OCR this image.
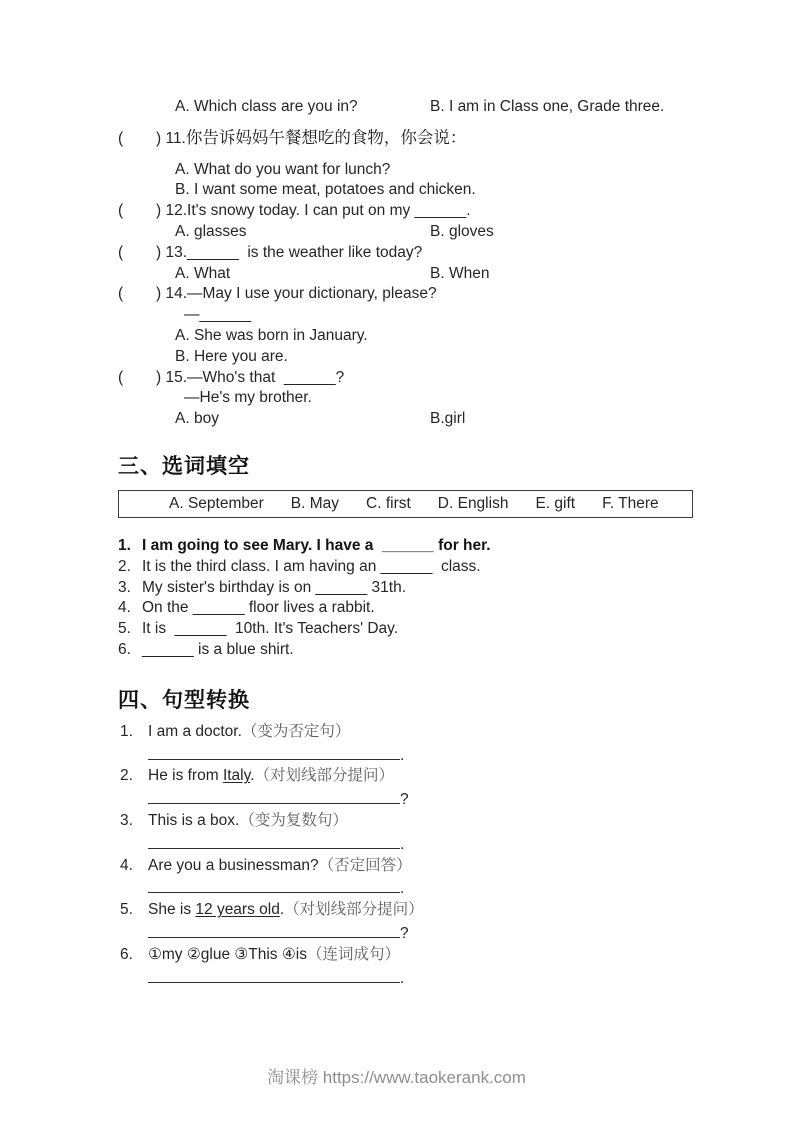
A. Which class are you in?	B. I am in Class one, Grade three.
( ) 11.你告诉妈妈午餐想吃的食物，你会说：
A. What do you want for lunch?
B. I want some meat, potatoes and chicken.
( ) 12.It's snowy today. I can put on my ______.
A. glasses	B. gloves
( ) 13.______  is the weather like today?
A. What	B. When
( ) 14.—May I use your dictionary, please?
—______
A. She was born in January.
B. Here you are.
( ) 15.—Who's that  ______?
—He's my brother.
A. boy	B.girl
三、选词填空
A. September B. May C. first D. English E. gift F. There
1. I am going to see Mary. I have a  ______ for her.
2. It is the third class. I am having an ______  class.
3. My sister's birthday is on ______ 31th.
4. On the ______ floor lives a rabbit.
5. It is  ______  10th. It's Teachers' Day.
6. ______ is a blue shirt.
四、句型转换
1. I am a doctor.（变为否定句）
.
2. He is from Italy.（对划线部分提问）
?
3. This is a box.（变为复数句）
.
4. Are you a businessman?（否定回答）
.
5. She is 12 years old.（对划线部分提问）
?
6. ①my ②glue ③This ④is（连词成句）
.
淘课榜 https://www.taokerank.com
